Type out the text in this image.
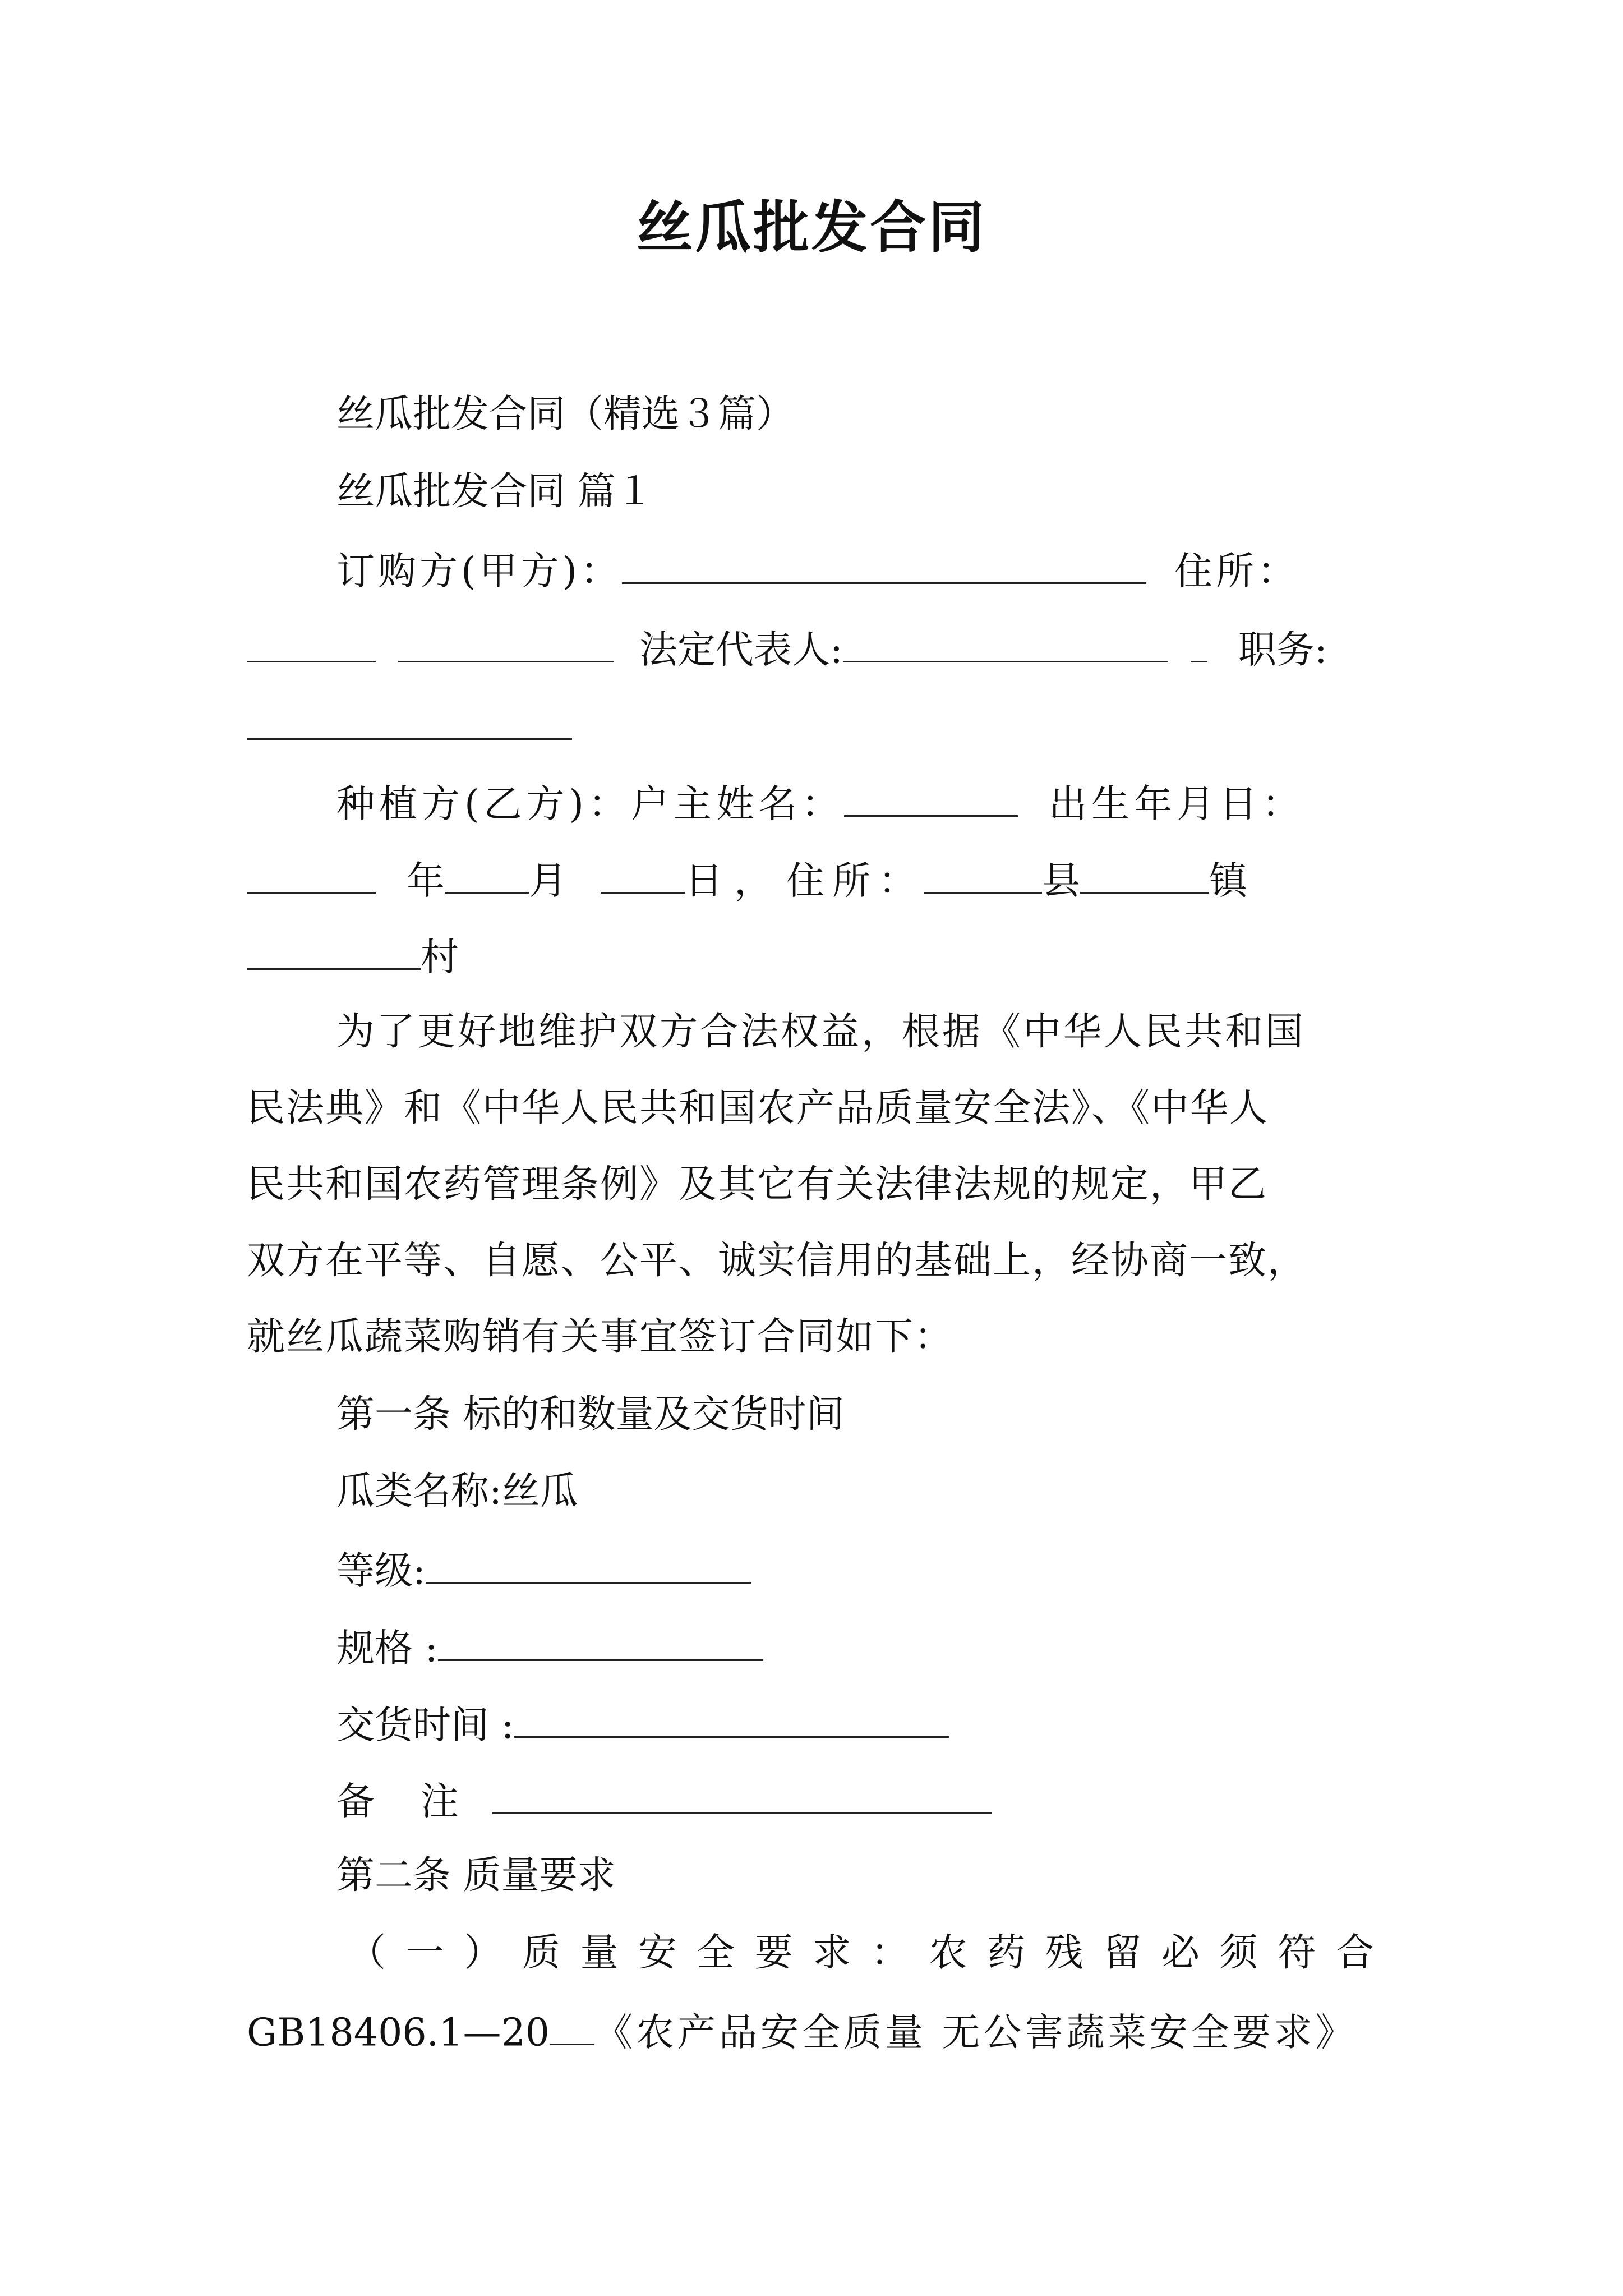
丝瓜批发合同
丝瓜批发合同（精选３篇）
丝瓜批发合同 篇１
订购方(甲方)：	住所：
法定代表人:	职务:
种植方(乙方)：户主姓名：	出生年月日：
年 月	日 ， 住所：	县	镇
村
为了更好地维护双方合法权益，根据《中华人民共和国
民法典》和《中华人民共和国农产品质量安全法》、《中华人
民共和国农药管理条例》及其它有关法律法规的规定，甲乙
双方在平等、自愿、公平、诚实信用的基础上，经协商一致，
就丝瓜蔬菜购销有关事宜签订合同如下：
第一条 标的和数量及交货时间
瓜类名称:丝瓜
等级:
规格 :
交货时间 :
备 注
第二条 质量要求
（一）质量安全要求：农药残留必须符合
GB18406.1—20 《农产品安全质量 无公害蔬菜安全要求》
